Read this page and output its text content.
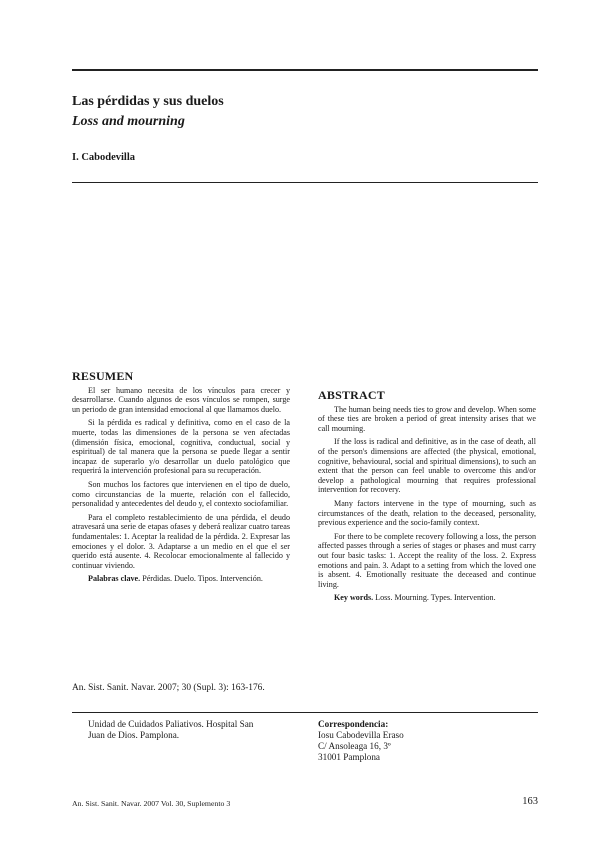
Las pérdidas y sus duelos
Loss and mourning
I. Cabodevilla
RESUMEN

El ser humano necesita de los vínculos para crecer y desarrollarse. Cuando algunos de esos vínculos se rompen, surge un periodo de gran intensidad emocional al que llamamos duelo.

Si la pérdida es radical y definitiva, como en el caso de la muerte, todas las dimensiones de la persona se ven afectadas (dimensión física, emocional, cognitiva, conductual, social y espiritual) de tal manera que la persona se puede llegar a sentir incapaz de superarlo y/o desarrollar un duelo patológico que requerirá la intervención profesional para su recuperación.

Son muchos los factores que intervienen en el tipo de duelo, como circunstancias de la muerte, relación con el fallecido, personalidad y antecedentes del deudo y, el contexto sociofamiliar.

Para el completo restablecimiento de una pérdida, el deudo atravesará una serie de etapas ofases y deberá realizar cuatro tareas fundamentales: 1. Aceptar la realidad de la pérdida. 2. Expresar las emociones y el dolor. 3. Adaptarse a un medio en el que el ser querido está ausente. 4. Recolocar emocionalmente al fallecido y continuar viviendo.

Palabras clave. Pérdidas. Duelo. Tipos. Intervención.

ABSTRACT

The human being needs ties to grow and develop. When some of these ties are broken a period of great intensity arises that we call mourning.

If the loss is radical and definitive, as in the case of death, all of the person's dimensions are affected (the physical, emotional, cognitive, behavioural, social and spiritual dimensions), to such an extent that the person can feel unable to overcome this and/or develop a pathological mourning that requires professional intervention for recovery.

Many factors intervene in the type of mourning, such as circumstances of the death, relation to the deceased, personality, previous experience and the socio-family context.

For there to be complete recovery following a loss, the person affected passes through a series of stages or phases and must carry out four basic tasks: 1. Accept the reality of the loss. 2. Express emotions and pain. 3. Adapt to a setting from which the loved one is absent. 4. Emotionally resituate the deceased and continue living.

Key words. Loss. Mourning. Types. Intervention.

An. Sist. Sanit. Navar. 2007; 30 (Supl. 3): 163-176.
Unidad de Cuidados Paliativos. Hospital San
Juan de Dios. Pamplona.
Correspondencia:
Iosu Cabodevilla Eraso
C/ Ansoleaga 16, 3º
31001 Pamplona
An. Sist. Sanit. Navar. 2007 Vol. 30, Suplemento 3	163
